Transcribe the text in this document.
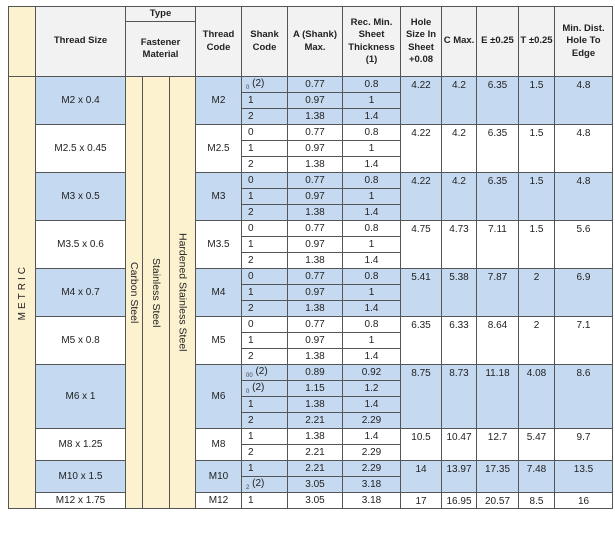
	Thread Size	Type			Thread Code	Shank Code	A (Shank) Max.	Rec. Min. Sheet Thickness (1)	Hole Size In Sheet +0.08	C Max.	E ±0.25	T ±0.25	Min. Dist. Hole To Edge
		Fastener Material											

METRIC	M2 x 0.4	Carbon Steel	Stainless Steel	Hardened Stainless Steel	M2	$_0$ (2)	0.77	0.8	4.22	4.2	6.35	1.5	4.8
						1	0.97	1					
						2	1.38	1.4					
	M2.5 x 0.45				M2.5	0	0.77	0.8	4.22	4.2	6.35	1.5	4.8
						1	0.97	1					
						2	1.38	1.4					
	M3 x 0.5				M3	0	0.77	0.8	4.22	4.2	6.35	1.5	4.8
						1	0.97	1					
						2	1.38	1.4					
	M3.5 x 0.6				M3.5	0	0.77	0.8	4.75	4.73	7.11	1.5	5.6
						1	0.97	1					
						2	1.38	1.4					
	M4 x 0.7				M4	0	0.77	0.8	5.41	5.38	7.87	2	6.9
						1	0.97	1					
						2	1.38	1.4					
	M5 x 0.8				M5	0	0.77	0.8	6.35	6.33	8.64	2	7.1
						1	0.97	1					
						2	1.38	1.4					
	M6 x 1				M6	$_{00}$ (2)	0.89	0.92	8.75	8.73	11.18	4.08	8.6
						$_0$ (2)	1.15	1.2					
						1	1.38	1.4					
						2	2.21	2.29					
	M8 x 1.25				M8	1	1.38	1.4	10.5	10.47	12.7	5.47	9.7
						2	2.21	2.29					
	M10 x 1.5				M10	1	2.21	2.29	14	13.97	17.35	7.48	13.5
						$_2$ (2)	3.05	3.18					
	M12 x 1.75				M12	1	3.05	3.18	17	16.95	20.57	8.5	16
